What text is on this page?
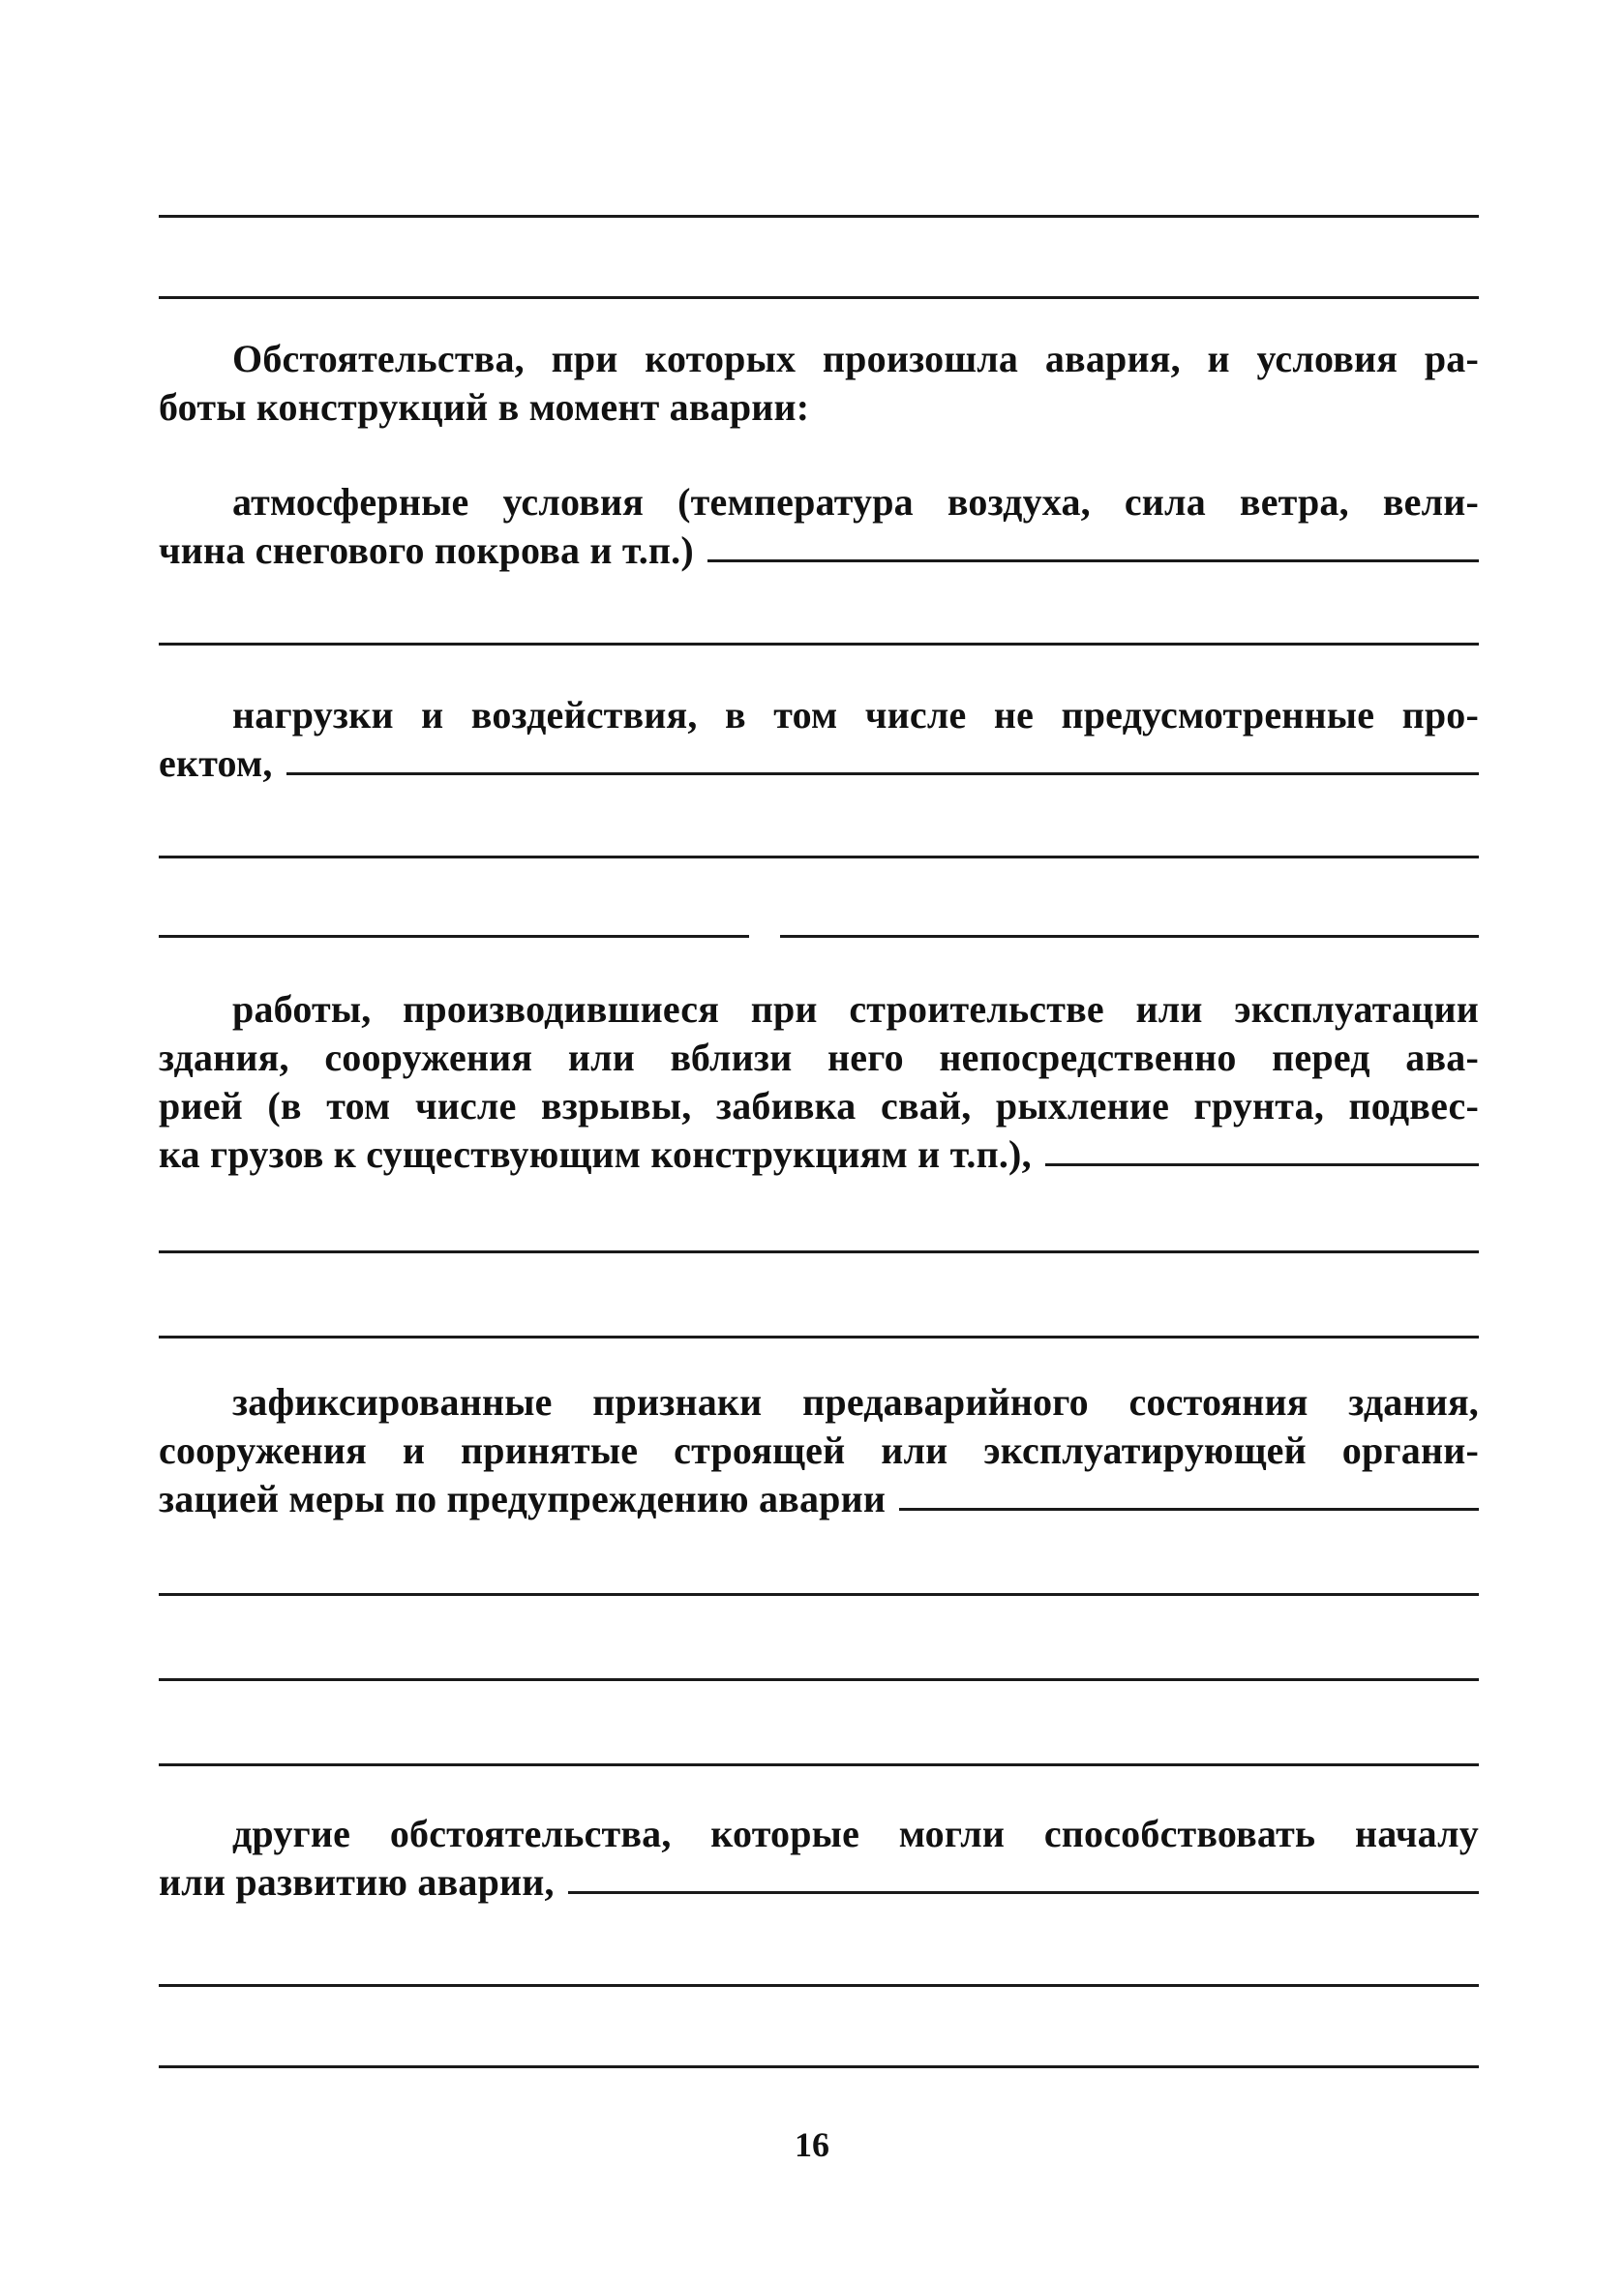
Обстоятельства, при которых произошла авария, и условия ра-
боты конструкций в момент аварии:
атмосферные условия (температура воздуха, сила ветра, вели-
чина снегового покрова и т.п.)
нагрузки и воздействия, в том числе не предусмотренные про-
ектом,
работы, производившиеся при строительстве или эксплуатации
здания, сооружения или вблизи него непосредственно перед ава-
рией (в том числе взрывы, забивка свай, рыхление грунта, подвес-
ка грузов к существующим конструкциям и т.п.),
зафиксированные признаки предаварийного состояния здания,
сооружения и принятые строящей или эксплуатирующей органи-
зацией меры по предупреждению аварии
другие обстоятельства, которые могли способствовать началу
или развитию аварии,
16
